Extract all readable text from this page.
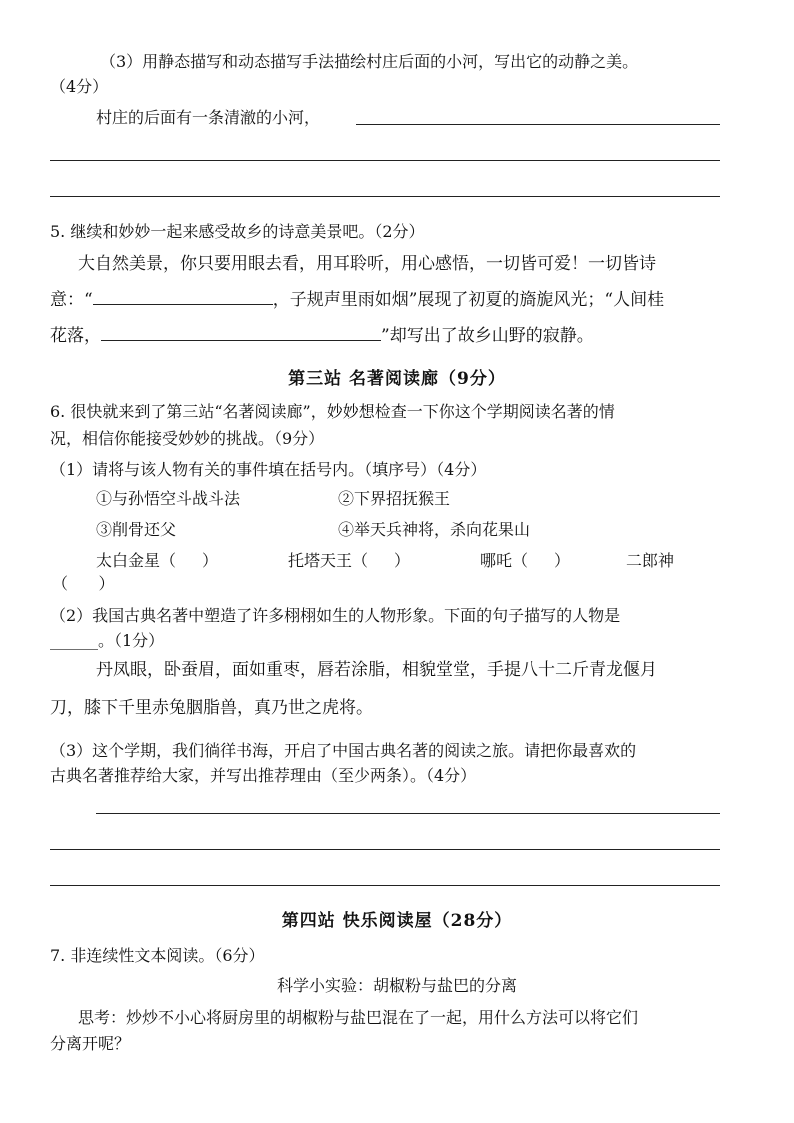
（3）用静态描写和动态描写手法描绘村庄后面的小河，写出它的动静之美。
（4分）
村庄的后面有一条清澈的小河，
5. 继续和妙妙一起来感受故乡的诗意美景吧。（2分）
大自然美景，你只要用眼去看，用耳聆听，用心感悟，一切皆可爱！一切皆诗
意：“	，子规声里雨如烟”展现了初夏的旖旎风光；“人间桂
花落，	”却写出了故乡山野的寂静。
第三站 名著阅读廊（9分）
6. 很快就来到了第三站“名著阅读廊”，妙妙想检查一下你这个学期阅读名著的情
况，相信你能接受妙妙的挑战。（9分）
（1）请将与该人物有关的事件填在括号内。（填序号）（4分）
①与孙悟空斗战斗法	②下界招抚猴王
③削骨还父	④举天兵神将，杀向花果山
太白金星（ ）	托塔天王（ ）	哪吒（ ）	二郎神
（      ）
（2）我国古典名著中塑造了许多栩栩如生的人物形象。下面的句子描写的人物是
______。（1分）
丹凤眼，卧蚕眉，面如重枣，唇若涂脂，相貌堂堂，手提八十二斤青龙偃月
刀，膝下千里赤兔胭脂兽，真乃世之虎将。
（3）这个学期，我们徜徉书海，开启了中国古典名著的阅读之旅。请把你最喜欢的
古典名著推荐给大家，并写出推荐理由（至少两条）。（4分）
第四站 快乐阅读屋（28分）
7. 非连续性文本阅读。（6分）
科学小实验：胡椒粉与盐巴的分离
思考：炒炒不小心将厨房里的胡椒粉与盐巴混在了一起，用什么方法可以将它们
分离开呢？
